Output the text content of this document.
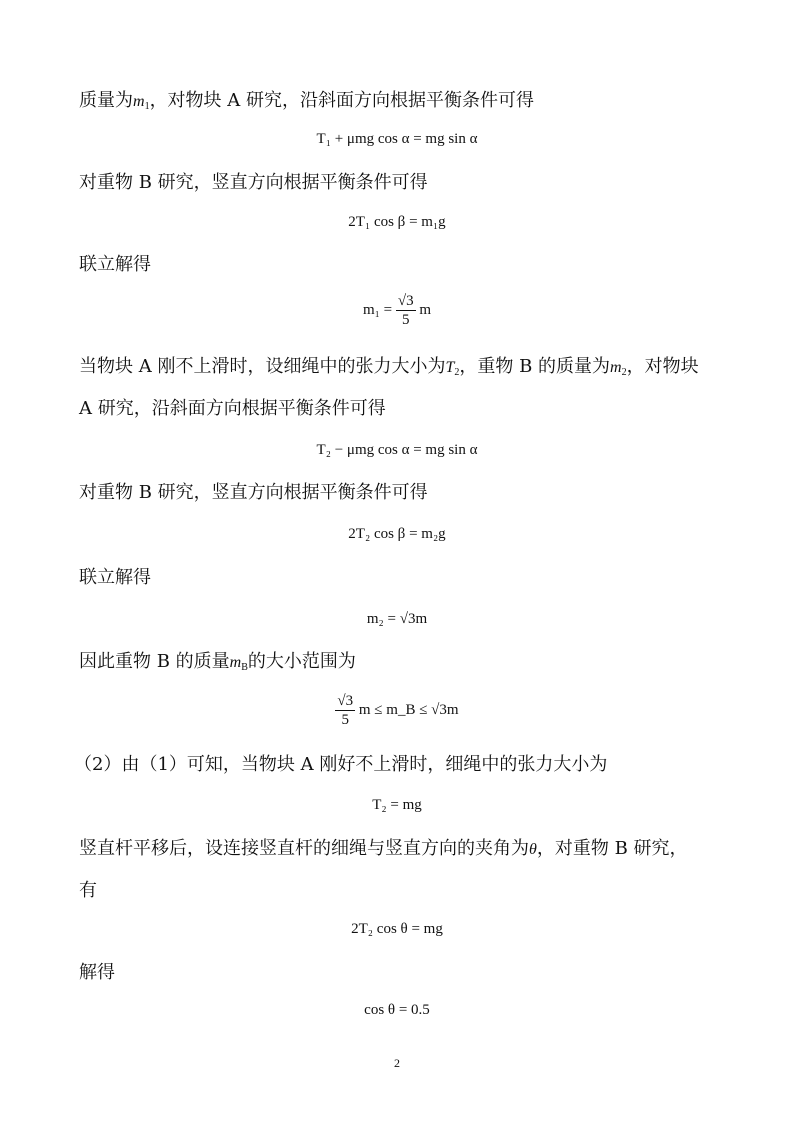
质量为$m_1$，对物块 A 研究，沿斜面方向根据平衡条件可得
T₁ + μmg cos α = mg sin α
对重物 B 研究，竖直方向根据平衡条件可得
2T₁ cos β = m₁g
联立解得
$m_1 = \frac{√3}{5}$ m
当物块 A 刚不上滑时，设细绳中的张力大小为$T_2$，重物 B 的质量为$m_2$，对物块
A 研究，沿斜面方向根据平衡条件可得
T₂ − μmg cos α = mg sin α
对重物 B 研究，竖直方向根据平衡条件可得
2T₂ cos β = m₂g
联立解得
m₂ = √3m
因此重物 B 的质量$m_B$的大小范围为
$\frac{√3}{5}$ m ≤ m_B ≤ √3m
（2）由（1）可知，当物块 A 刚好不上滑时，细绳中的张力大小为
T₂ = mg
竖直杆平移后，设连接竖直杆的细绳与竖直方向的夹角为θ，对重物 B 研究，
有
2T₂ cos θ = mg
解得
cos θ = 0.5
2
